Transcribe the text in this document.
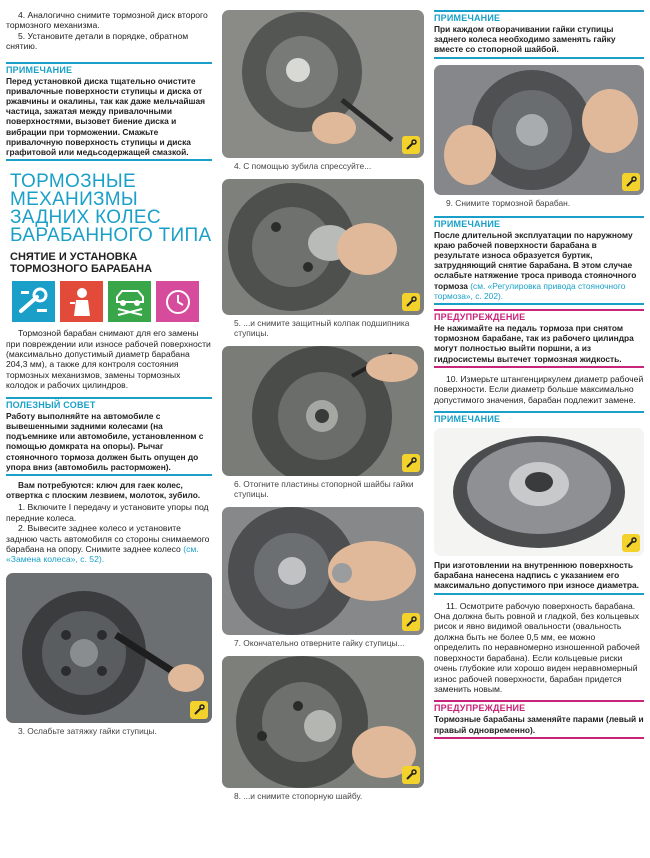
4. Аналогично снимите тормозной диск второго тормозного механизма.

5. Установите детали в порядке, обратном снятию.

ПРИМЕЧАНИЕ

Перед установкой диска тщательно очистите привалочные поверхности ступицы и диска от ржавчины и окалины, так как даже мельчайшая частица, зажатая между привалочными поверхностями, вызовет биение диска и вибрации при торможении. Смажьте привалочную поверхность ступицы и диска графитовой или медьсодержащей смазкой.

ТОРМОЗНЫЕ МЕХАНИЗМЫ
ЗАДНИХ КОЛЕС
БАРАБАННОГО ТИПА
СНЯТИЕ И УСТАНОВКА
ТОРМОЗНОГО БАРАБАНА

Тормозной барабан снимают для его замены при повреждении или износе рабочей поверхности (максимально допустимый диаметр барабана 204,3 мм), а также для контроля состояния тормозных механизмов, замены тормозных колодок и рабочих цилиндров.

ПОЛЕЗНЫЙ СОВЕТ

Работу выполняйте на автомобиле с вывешенными задними колесами (на подъемнике или автомобиле, установленном с помощью домкрата на опоры). Рычаг стояночного тормоза должен быть опущен до упора вниз (автомобиль расторможен).

Вам потребуются: ключ для гаек колес, отвертка с плоским лезвием, молоток, зубило.

1. Включите I передачу и установите упоры под передние колеса.

2. Вывесите заднее колесо и установите заднюю часть автомобиля со стороны снимаемого барабана на опору. Снимите заднее колесо (см. «Замена колеса», с. 52).

3. Ослабьте затяжку гайки ступицы.
4. С помощью зубила спрессуйте...
5. ...и снимите защитный колпак подшипника ступицы.
6. Отогните пластины стопорной шайбы гайки ступицы.
7. Окончательно отверните гайку ступицы...
8. ...и снимите стопорную шайбу.
ПРИМЕЧАНИЕ

При каждом отворачивании гайки ступицы заднего колеса необходимо заменять гайку вместе со стопорной шайбой.

9. Снимите тормозной барабан.
ПРИМЕЧАНИЕ

После длительной эксплуатации по наружному краю рабочей поверхности барабана в результате износа образуется буртик, затрудняющий снятие барабана. В этом случае ослабьте натяжение троса привода стояночного тормоза (см. «Регулировка привода стояночного тормоза», с. 202).

ПРЕДУПРЕЖДЕНИЕ

Не нажимайте на педаль тормоза при снятом тормозном барабане, так из рабочего цилиндра могут полностью выйти поршни, а из гидросистемы вытечет тормозная жидкость.

10. Измерьте штангенциркулем диаметр рабочей поверхности. Если диаметр больше максимально допустимого значения, барабан подлежит замене.

ПРИМЕЧАНИЕ

При изготовлении на внутреннюю поверхность барабана нанесена надпись с указанием его максимально допустимого при износе диаметра.

11. Осмотрите рабочую поверхность барабана. Она должна быть ровной и гладкой, без кольцевых рисок и явно видимой овальности (овальность должна быть не более 0,5 мм, ее можно определить по неравномерно изношенной рабочей поверхности барабана). Если кольцевые риски очень глубокие или хорошо виден неравномерный износ рабочей поверхности, барабан придется заменить новым.

ПРЕДУПРЕЖДЕНИЕ

Тормозные барабаны заменяйте парами (левый и правый одновременно).
